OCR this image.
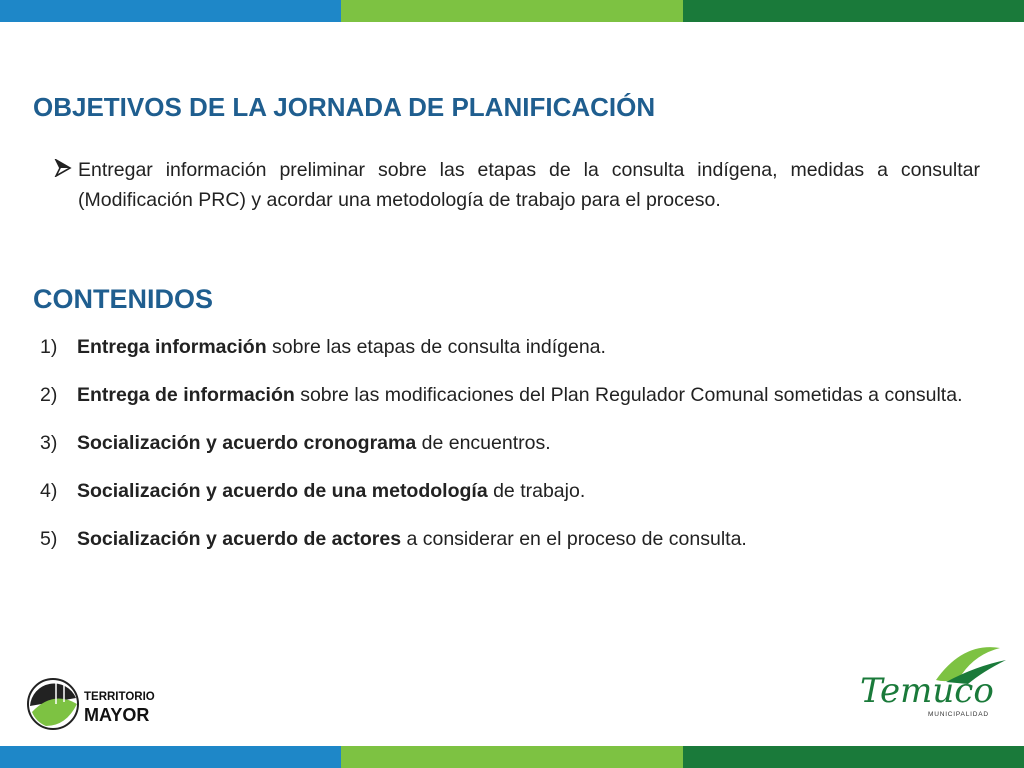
OBJETIVOS DE LA JORNADA DE PLANIFICACIÓN
Entregar información preliminar sobre las etapas de la consulta indígena, medidas a consultar (Modificación PRC) y acordar una metodología de trabajo para el proceso.
CONTENIDOS
1)	Entrega información sobre las etapas de consulta indígena.
2)	Entrega de información sobre las modificaciones del Plan Regulador Comunal sometidas a consulta.
3)	Socialización y acuerdo cronograma de encuentros.
4)	Socialización y acuerdo de una metodología de trabajo.
5)	Socialización y acuerdo de actores a considerar en el proceso de consulta.
TERRITORIO
MAYOR
Temuco
MUNICIPALIDAD
